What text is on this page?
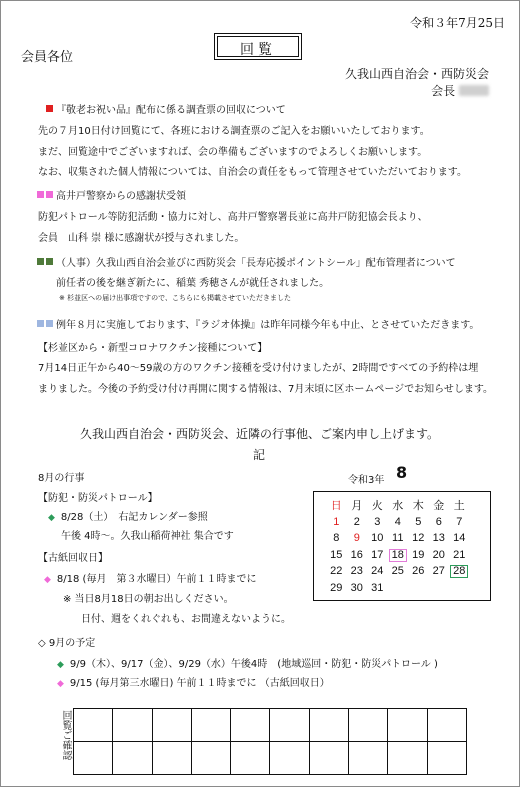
令和３年7月25日
会員各位	回覧
久我山西自治会・西防災会
会長
『敬老お祝い品』配布に係る調査票の回収について
先の７月10日付け回覧にて、各班における調査票のご記入をお願いいたしております。
まだ、回覧途中でございますれば、会の準備もございますのでよろしくお願いします。
なお、収集された個人情報については、自治会の責任をもって管理させていただいております。
高井戸警察からの感謝状受領
防犯パトロール等防犯活動・協力に対し、高井戸警察署長並に高井戸防犯協会長より、
会員　山科 崇 様に感謝状が授与されました。
（人事）久我山西自治会並びに西防災会「長寿応援ポイントシール」配布管理者について
前任者の後を継ぎ新たに、稲葉 秀穂さんが就任されました。
※ 杉並区への届け出事項ですので、こちらにも掲載させていただきました
例年８月に実施しております、『ラジオ体操』は昨年同様今年も中止、とさせていただきます。
【杉並区から・新型コロナワクチン接種について】
7月14日正午から40～59歳の方のワクチン接種を受け付けましたが、2時間ですべての予約枠は埋
まりました。今後の予約受け付け再開に関する情報は、7月末頃に区ホームページでお知らせします。
久我山西自治会・西防災会、近隣の行事他、ご案内申し上げます。
記
8月の行事
【防犯・防災パトロール】
◆ 8/28（土）　右記カレンダー参照
午後 4時～。久我山稲荷神社 集合です
【古紙回収日】
◆ 8/18 (毎月　第３水曜日）午前１１時までに
※ 当日8月18日の朝お出しください。
日付、週をくれぐれも、お間違えないように。
◇ 9月の予定
◆ 9/9（木）、9/17（金）、9/29（水）午後4時　(地域巡回・防犯・防災パトロール )
◆ 9/15 (毎月第三水曜日) 午前１１時までに （古紙回収日）
令和3年 8
日	月	火	水	木	金	土
1	2	3	4	5	6	7
8	9	10	11	12	13	14
15	16	17	18	19	20	21
22	23	24	25	26	27	28
29	30	31				
回覧ご確認
